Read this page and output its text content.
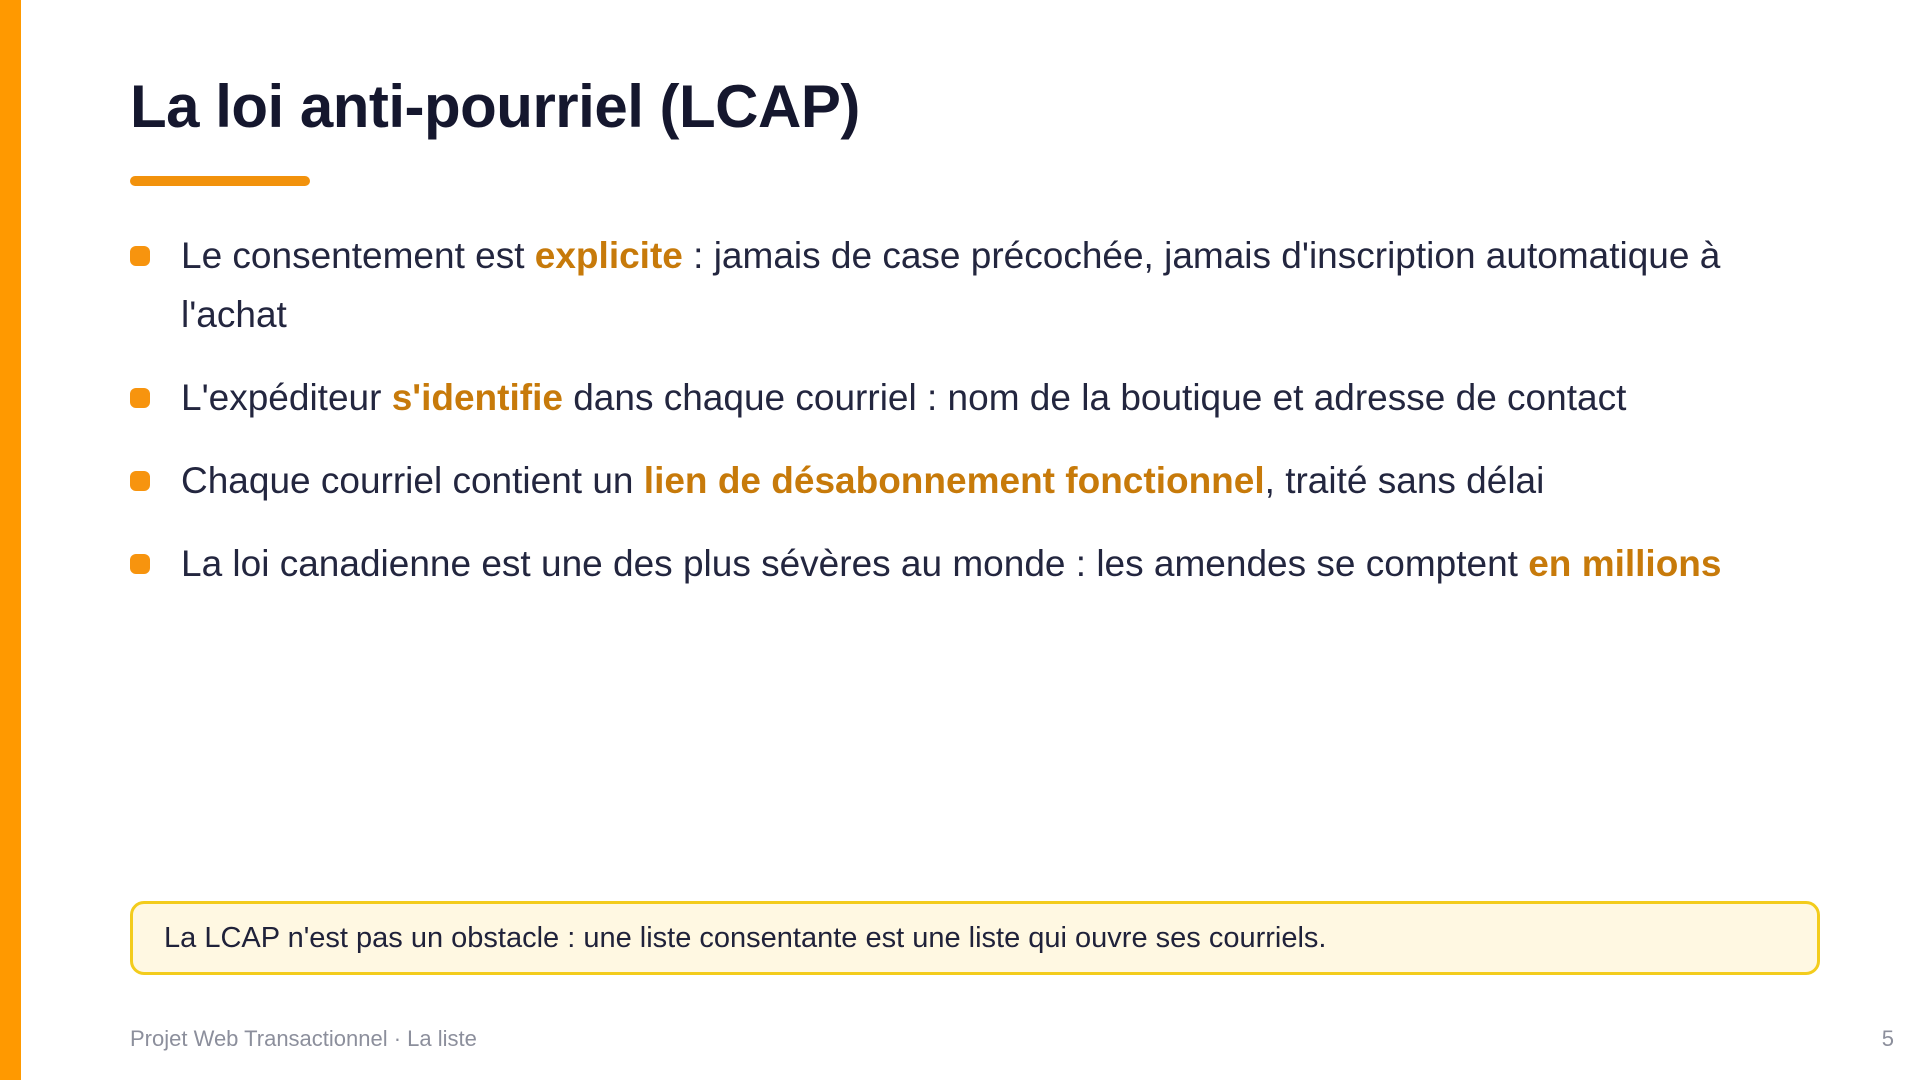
La loi anti-pourriel (LCAP)
Le consentement est explicite : jamais de case précochée, jamais d'inscription automatique à l'achat
L'expéditeur s'identifie dans chaque courriel : nom de la boutique et adresse de contact
Chaque courriel contient un lien de désabonnement fonctionnel, traité sans délai
La loi canadienne est une des plus sévères au monde : les amendes se comptent en millions
La LCAP n'est pas un obstacle : une liste consentante est une liste qui ouvre ses courriels.
Projet Web Transactionnel · La liste	5
